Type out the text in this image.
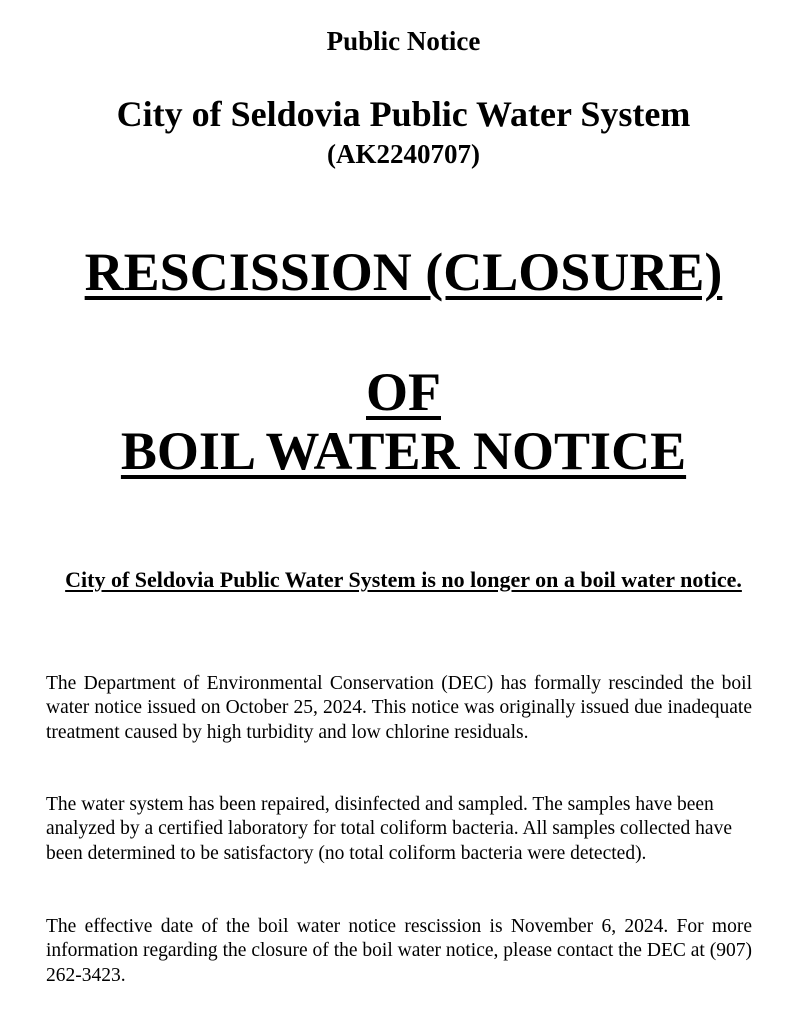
Public Notice

City of Seldovia Public Water System

(AK2240707)

RESCISSION (CLOSURE)

OF

BOIL WATER NOTICE

City of Seldovia Public Water System is no longer on a boil water notice.

The Department of Environmental Conservation (DEC) has formally rescinded the boil water notice issued on October 25, 2024. This notice was originally issued due inadequate treatment caused by high turbidity and low chlorine residuals.

The water system has been repaired, disinfected and sampled. The samples have been analyzed by a certified laboratory for total coliform bacteria. All samples collected have been determined to be satisfactory (no total coliform bacteria were detected).

The effective date of the boil water notice rescission is November 6, 2024. For more information regarding the closure of the boil water notice, please contact the DEC at (907) 262-3423.
